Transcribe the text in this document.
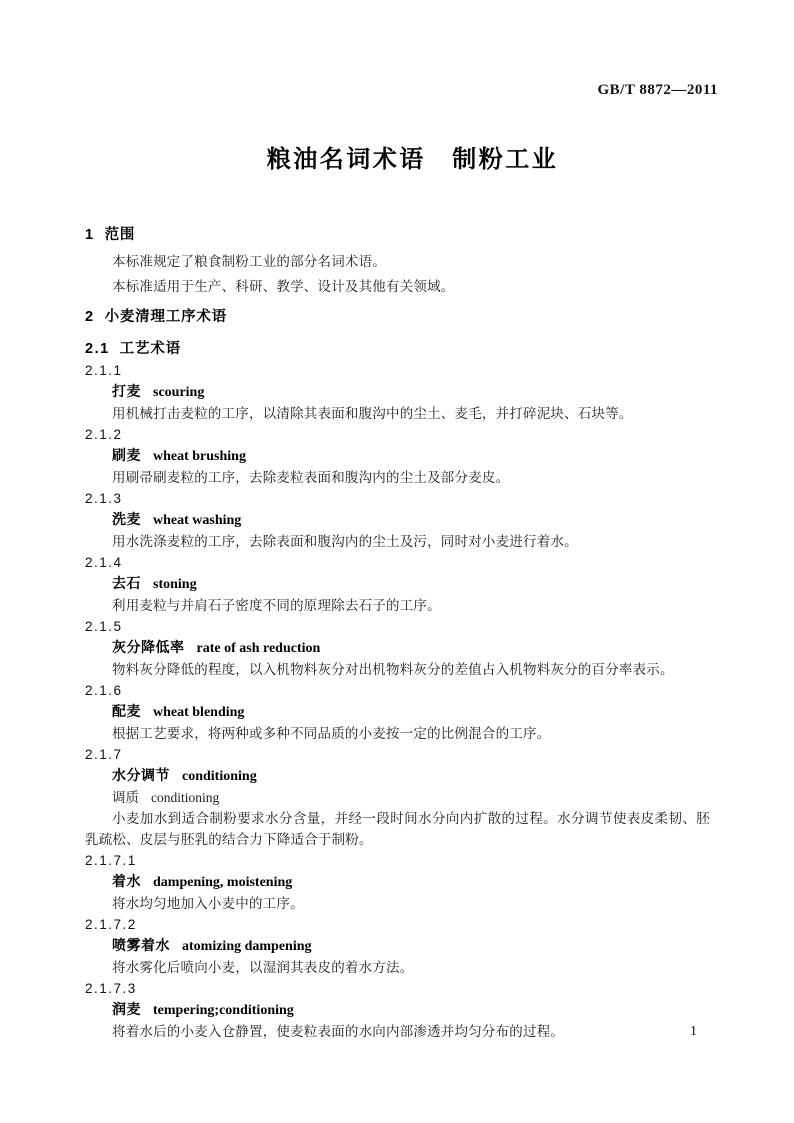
GB/T 8872—2011
粮油名词术语　制粉工业
1 范围
本标准规定了粮食制粉工业的部分名词术语。
本标准适用于生产、科研、教学、设计及其他有关领域。
2 小麦清理工序术语
2.1 工艺术语
2.1.1
打麦 scouring
用机械打击麦粒的工序，以清除其表面和腹沟中的尘土、麦毛，并打碎泥块、石块等。
2.1.2
刷麦 wheat brushing
用刷帚刷麦粒的工序，去除麦粒表面和腹沟内的尘土及部分麦皮。
2.1.3
洗麦 wheat washing
用水洗涤麦粒的工序，去除表面和腹沟内的尘土及污，同时对小麦进行着水。
2.1.4
去石 stoning
利用麦粒与并肩石子密度不同的原理除去石子的工序。
2.1.5
灰分降低率 rate of ash reduction
物料灰分降低的程度，以入机物料灰分对出机物料灰分的差值占入机物料灰分的百分率表示。
2.1.6
配麦 wheat blending
根据工艺要求，将两种或多种不同品质的小麦按一定的比例混合的工序。
2.1.7
水分调节 conditioning
调质 conditioning
小麦加水到适合制粉要求水分含量，并经一段时间水分向内扩散的过程。水分调节使表皮柔韧、胚乳疏松、皮层与胚乳的结合力下降适合于制粉。
2.1.7.1
着水 dampening, moistening
将水均匀地加入小麦中的工序。
2.1.7.2
喷雾着水 atomizing dampening
将水雾化后喷向小麦，以湿润其表皮的着水方法。
2.1.7.3
润麦 tempering;conditioning
将着水后的小麦入仓静置，使麦粒表面的水向内部渗透并均匀分布的过程。	1
